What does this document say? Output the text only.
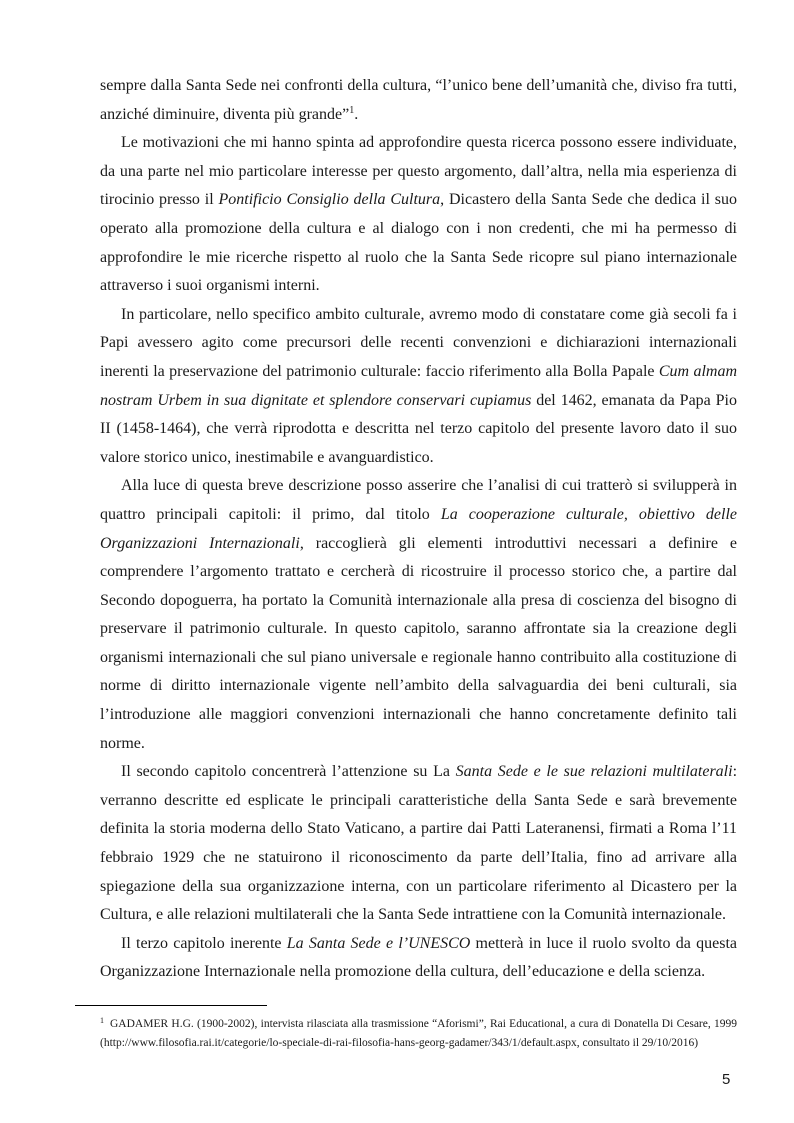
sempre dalla Santa Sede nei confronti della cultura, “l’unico bene dell’umanità che, diviso fra tutti, anziché diminuire, diventa più grande”$^1$.

Le motivazioni che mi hanno spinta ad approfondire questa ricerca possono essere individuate, da una parte nel mio particolare interesse per questo argomento, dall’altra, nella mia esperienza di tirocinio presso il Pontificio Consiglio della Cultura, Dicastero della Santa Sede che dedica il suo operato alla promozione della cultura e al dialogo con i non credenti, che mi ha permesso di approfondire le mie ricerche rispetto al ruolo che la Santa Sede ricopre sul piano internazionale attraverso i suoi organismi interni.

In particolare, nello specifico ambito culturale, avremo modo di constatare come già secoli fa i Papi avessero agito come precursori delle recenti convenzioni e dichiarazioni internazionali inerenti la preservazione del patrimonio culturale: faccio riferimento alla Bolla Papale Cum almam nostram Urbem in sua dignitate et splendore conservari cupiamus del 1462, emanata da Papa Pio II (1458-1464), che verrà riprodotta e descritta nel terzo capitolo del presente lavoro dato il suo valore storico unico, inestimabile e avanguardistico.

Alla luce di questa breve descrizione posso asserire che l’analisi di cui tratterò si svilupperà in quattro principali capitoli: il primo, dal titolo La cooperazione culturale, obiettivo delle Organizzazioni Internazionali, raccoglierà gli elementi introduttivi necessari a definire e comprendere l’argomento trattato e cercherà di ricostruire il processo storico che, a partire dal Secondo dopoguerra, ha portato la Comunità internazionale alla presa di coscienza del bisogno di preservare il patrimonio culturale. In questo capitolo, saranno affrontate sia la creazione degli organismi internazionali che sul piano universale e regionale hanno contribuito alla costituzione di norme di diritto internazionale vigente nell’ambito della salvaguardia dei beni culturali, sia l’introduzione alle maggiori convenzioni internazionali che hanno concretamente definito tali norme.

Il secondo capitolo concentrerà l’attenzione su La Santa Sede e le sue relazioni multilaterali: verranno descritte ed esplicate le principali caratteristiche della Santa Sede e sarà brevemente definita la storia moderna dello Stato Vaticano, a partire dai Patti Lateranensi, firmati a Roma l’11 febbraio 1929 che ne statuirono il riconoscimento da parte dell’Italia, fino ad arrivare alla spiegazione della sua organizzazione interna, con un particolare riferimento al Dicastero per la Cultura, e alle relazioni multilaterali che la Santa Sede intrattiene con la Comunità internazionale.

Il terzo capitolo inerente La Santa Sede e l’UNESCO metterà in luce il ruolo svolto da questa Organizzazione Internazionale nella promozione della cultura, dell’educazione e della scienza.

$^1$ GADAMER H.G. (1900-2002), intervista rilasciata alla trasmissione “Aforismi”, Rai Educational, a cura di Donatella Di Cesare, 1999 (http://www.filosofia.rai.it/categorie/lo-speciale-di-rai-filosofia-hans-georg-gadamer/343/1/default.aspx, consultato il 29/10/2016)
5
